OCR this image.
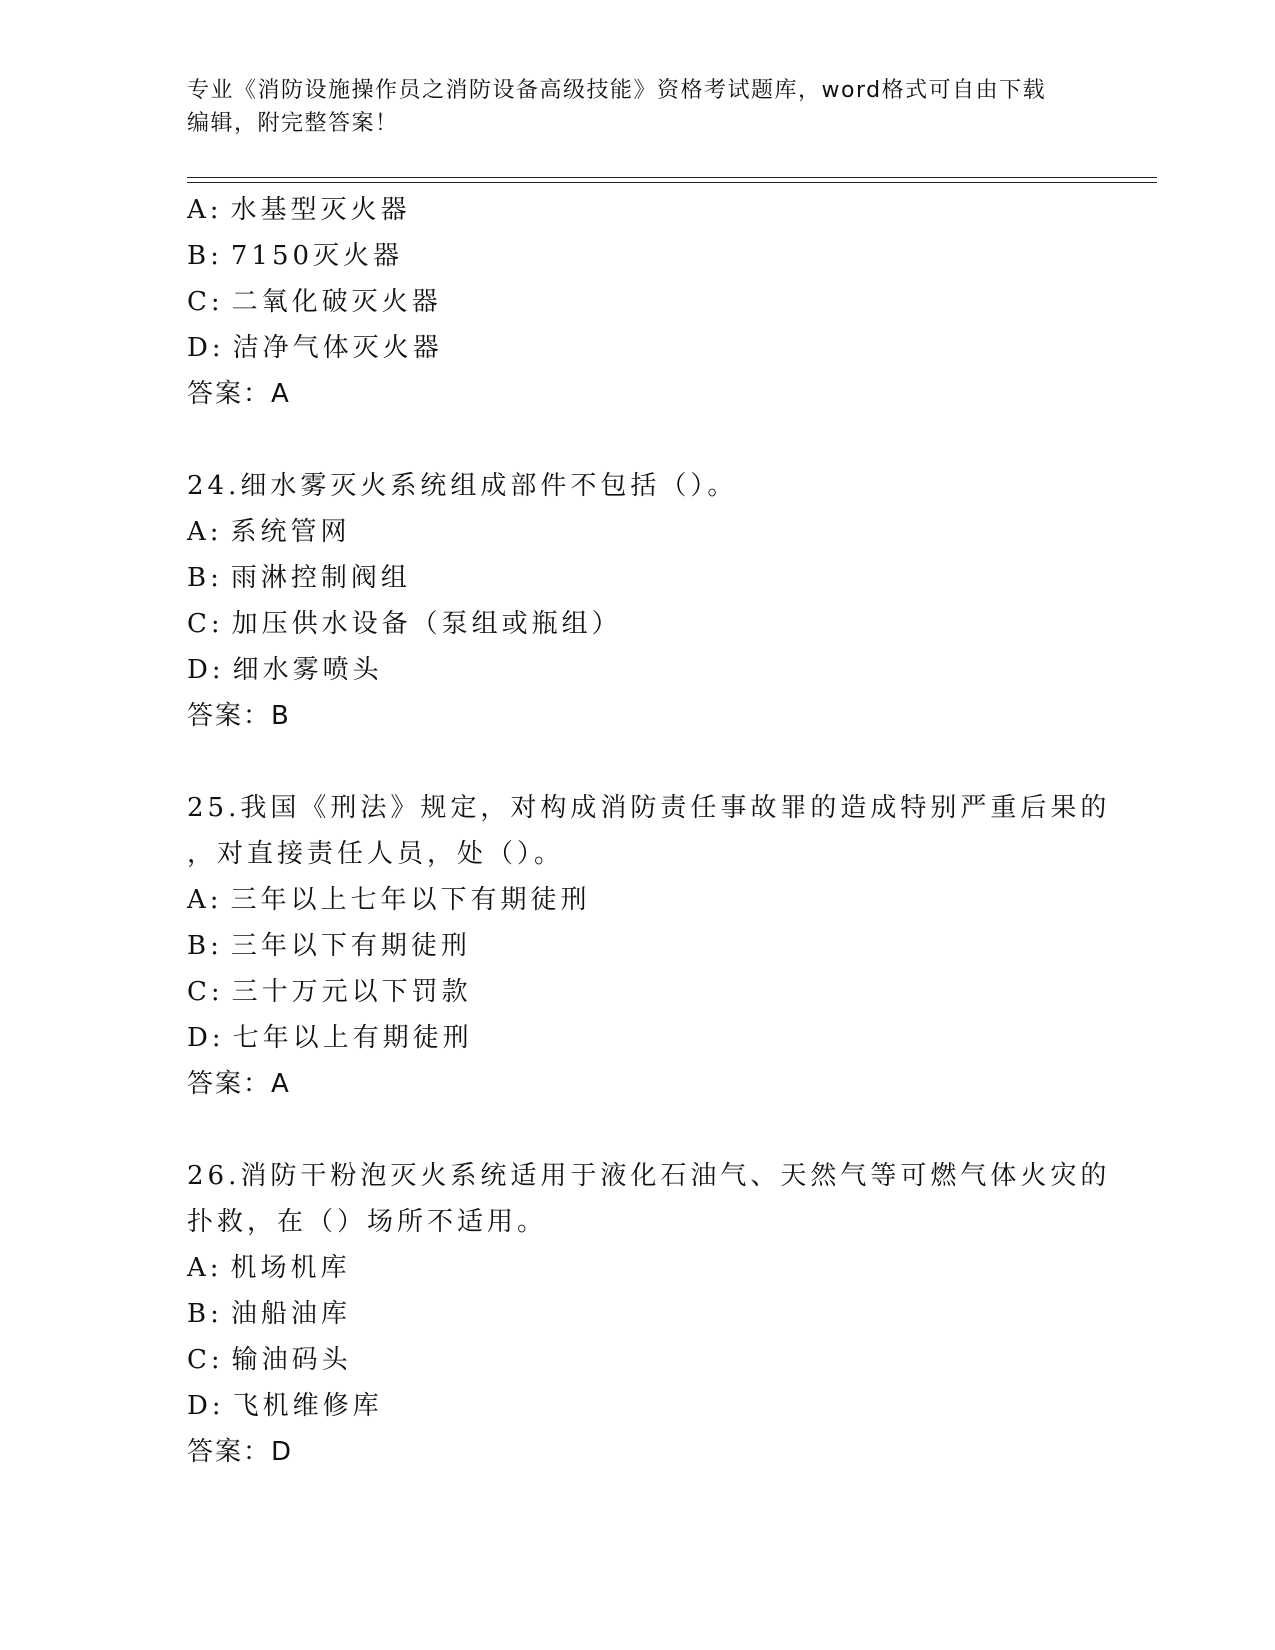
专业《消防设施操作员之消防设备高级技能》资格考试题库，word格式可自由下载编辑，附完整答案！
A: 水基型灭火器
B: 7150灭火器
C: 二氧化破灭火器
D: 洁净气体灭火器
答案：A
24.细水雾灭火系统组成部件不包括（）。
A: 系统管网
B: 雨淋控制阀组
C: 加压供水设备（泵组或瓶组）
D: 细水雾喷头
答案：B
25.我国《刑法》规定，对构成消防责任事故罪的造成特别严重后果的
，对直接责任人员，处（）。
A: 三年以上七年以下有期徒刑
B: 三年以下有期徒刑
C: 三十万元以下罚款
D: 七年以上有期徒刑
答案：A
26.消防干粉泡灭火系统适用于液化石油气、天然气等可燃气体火灾的
扑救，在（）场所不适用。
A: 机场机库
B: 油船油库
C: 输油码头
D: 飞机维修库
答案：D
